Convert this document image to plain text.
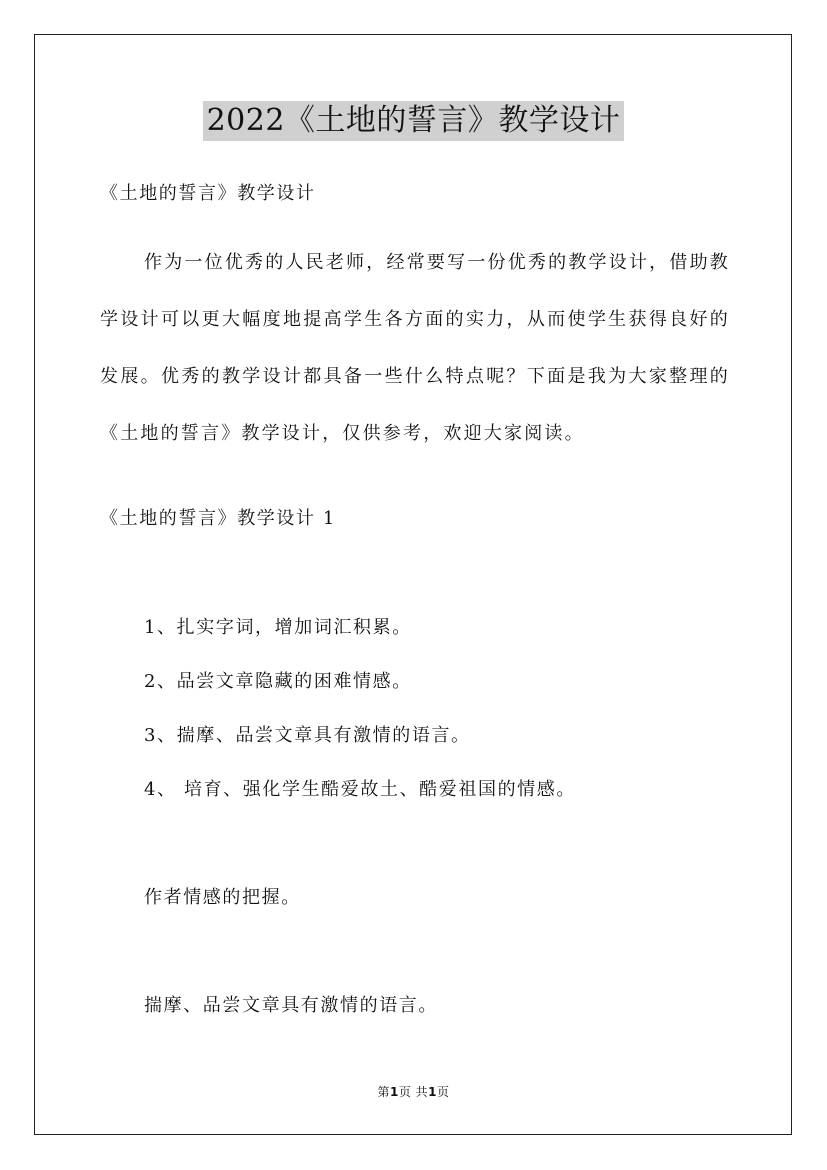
2022《土地的誓言》教学设计
《土地的誓言》教学设计
作为一位优秀的人民老师，经常要写一份优秀的教学设计，借助教学设计可以更大幅度地提高学生各方面的实力，从而使学生获得良好的发展。优秀的教学设计都具备一些什么特点呢？下面是我为大家整理的《土地的誓言》教学设计，仅供参考，欢迎大家阅读。
《土地的誓言》教学设计 1
1、扎实字词，增加词汇积累。
2、品尝文章隐藏的困难情感。
3、揣摩、品尝文章具有激情的语言。
4、 培育、强化学生酷爱故土、酷爱祖国的情感。
作者情感的把握。
揣摩、品尝文章具有激情的语言。
第1页 共1页
